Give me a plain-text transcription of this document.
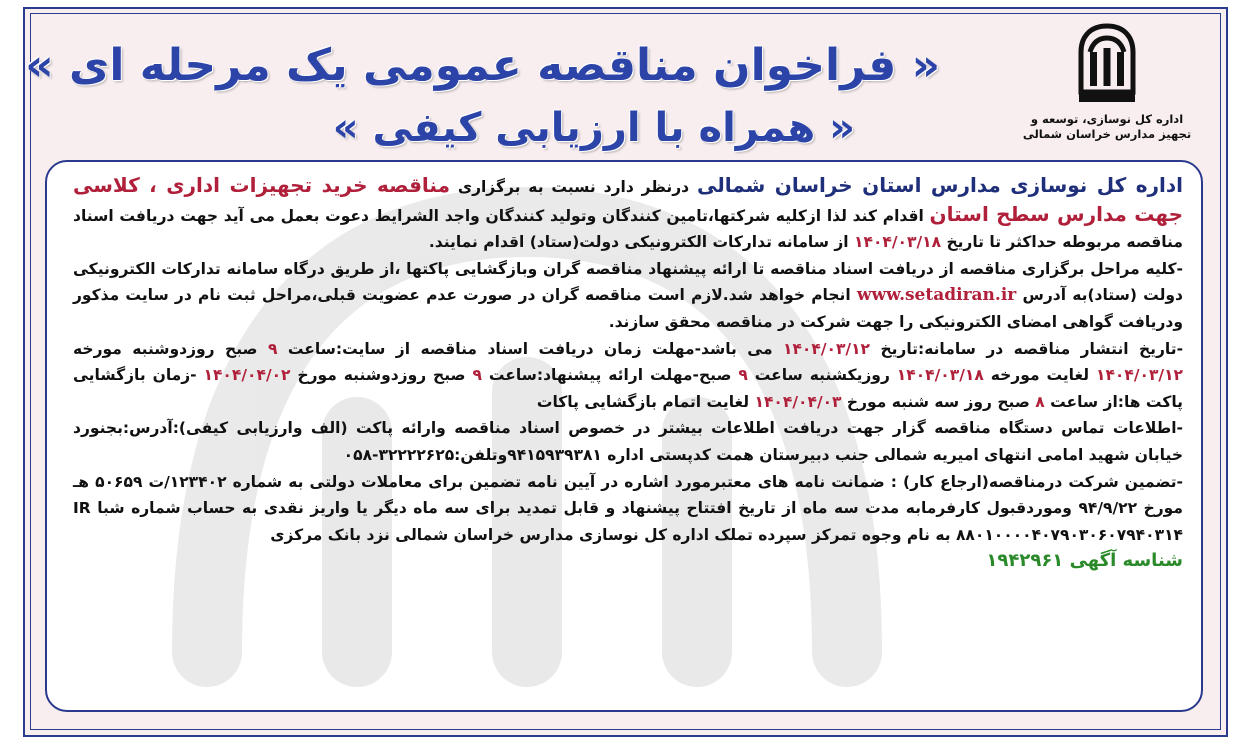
اداره کل نوسازی، توسعه و تجهیز مدارس خراسان شمالی
« فراخوان مناقصه عمومی یک مرحله ای »
« همراه با ارزیابی کیفی »

اداره کل نوسازی مدارس استان خراسان شمالی درنظر دارد نسبت به برگزاری مناقصه خرید تجهیزات اداری ، کلاسی جهت مدارس سطح استان اقدام کند لذا ازکلیه شرکتها،تامین کنندگان وتولید کنندگان واجد الشرایط دعوت بعمل می آید جهت دریافت اسناد مناقصه مربوطه حداکثر تا تاریخ ۱۴۰۴/۰۳/۱۸ از سامانه تدارکات الکترونیکی دولت(ستاد) اقدام نمایند.

-کلیه مراحل برگزاری مناقصه از دریافت اسناد مناقصه تا ارائه پیشنهاد مناقصه گران وبازگشایی پاکتها ،از طریق درگاه سامانه تدارکات الکترونیکی دولت (ستاد)به آدرس www.setadiran.ir انجام خواهد شد.لازم است مناقصه گران در صورت عدم عضویت قبلی،مراحل ثبت نام در سایت مذکور ودریافت گواهی امضای الکترونیکی را جهت شرکت در مناقصه محقق سازند.

-تاریخ انتشار مناقصه در سامانه:تاریخ ۱۴۰۴/۰۳/۱۲ می باشد-مهلت زمان دریافت اسناد مناقصه از سایت:ساعت ۹ صبح روزدوشنبه مورخه ۱۴۰۴/۰۳/۱۲ لغایت مورخه ۱۴۰۴/۰۳/۱۸ روزیکشنبه ساعت ۹ صبح-مهلت ارائه پیشنهاد:ساعت ۹ صبح روزدوشنبه مورخ ۱۴۰۴/۰۴/۰۲ -زمان بازگشایی پاکت ها:از ساعت ۸ صبح روز سه شنبه مورخ ۱۴۰۴/۰۴/۰۳ لغایت اتمام بازگشایی پاکات

-اطلاعات تماس دستگاه مناقصه گزار جهت دریافت اطلاعات بیشتر در خصوص اسناد مناقصه وارائه پاکت (الف وارزیابی کیفی):آدرس:بجنورد خیابان شهید امامی انتهای امیریه شمالی جنب دبیرستان همت کدپستی اداره ۹۴۱۵۹۳۹۳۸۱وتلفن:۳۲۲۲۲۶۲۵-۰۵۸

-تضمین شرکت درمناقصه(ارجاع کار) : ضمانت نامه های معتبرمورد اشاره در آیین نامه تضمین برای معاملات دولتی به شماره ۱۲۳۴۰۲/ت ۵۰۶۵۹ هـ مورخ ۹۴/۹/۲۲ وموردقبول کارفرمابه مدت سه ماه از تاریخ افتتاح پیشنهاد و قابل تمدید برای سه ماه دیگر یا واریز نقدی به حساب شماره شبا IR ۸۸۰۱۰۰۰۰۴۰۷۹۰۳۰۶۰۷۹۴۰۳۱۴ به نام وجوه تمرکز سپرده تملک اداره کل نوسازی مدارس خراسان شمالی نزد بانک مرکزی

شناسه آگهی ۱۹۴۲۹۶۱
